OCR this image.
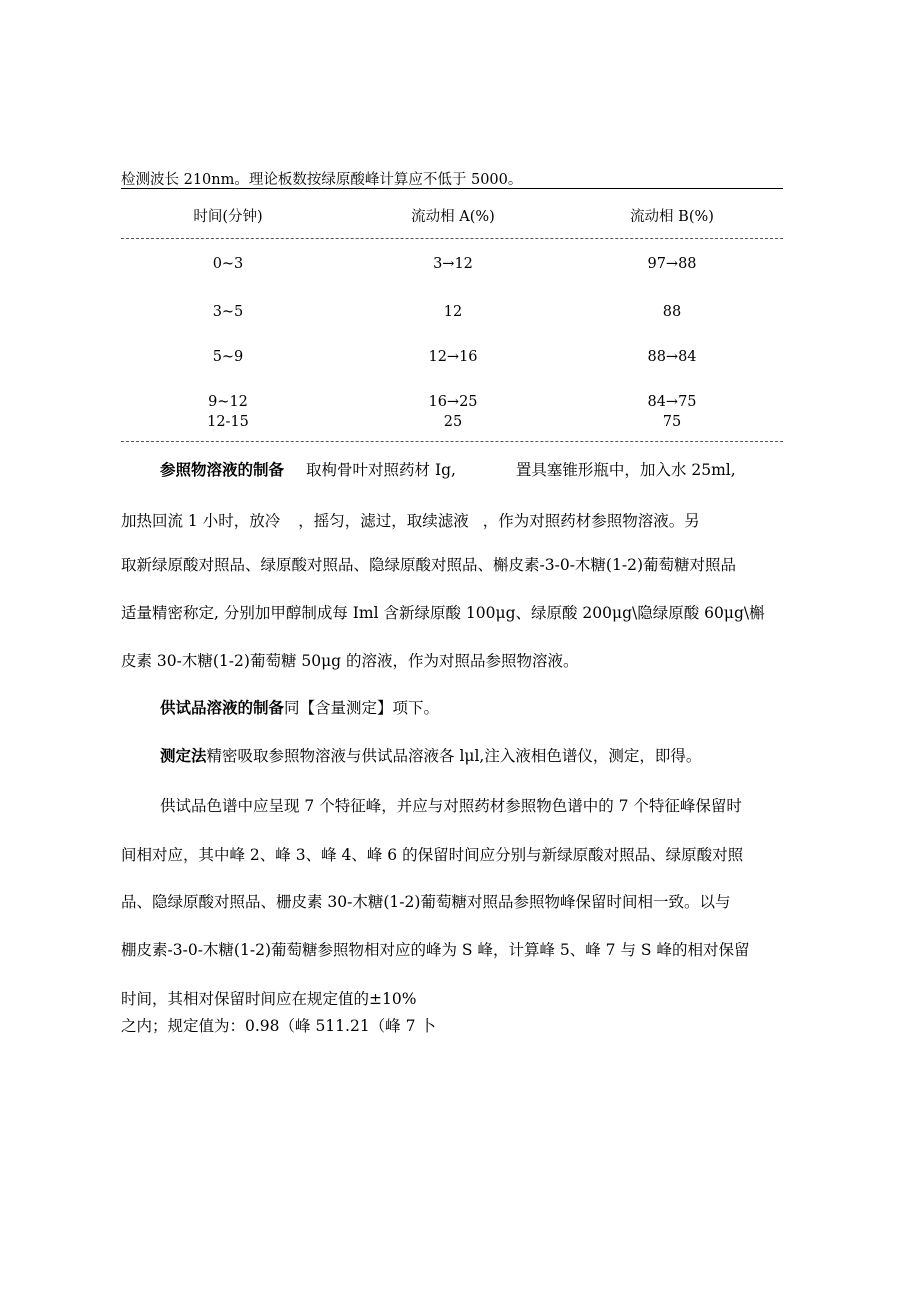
检测波长 210nm。理论板数按绿原酸峰计算应不低于 5000。
时间(分钟)	流动相 A(%)	流动相 B(%)
0~3	3→12	97→88
3~5	12	88
5~9	12→16	88→84
9~12	16→25	84→75
12-15	25	75
参照物溶液的制备 取枸骨叶对照药材 Ig,	置具塞锥形瓶中，加入水 25ml,
加热回流 1 小时，放冷 ，摇匀，滤过，取续滤液 ，作为对照药材参照物溶液。另
取新绿原酸对照品、绿原酸对照品、隐绿原酸对照品、槲皮素-3-0-木糖(1-2)葡萄糖对照品
适量精密称定, 分别加甲醇制成每 Iml 含新绿原酸 100μg、绿原酸 200μg\隐绿原酸 60μg\槲
皮素 30-木糖(1-2)葡萄糖 50μg 的溶液，作为对照品参照物溶液。
供试品溶液的制备同【含量测定】项下。
测定法精密吸取参照物溶液与供试品溶液各 lμl,注入液相色谱仪，测定，即得。
供试品色谱中应呈现 7 个特征峰，并应与对照药材参照物色谱中的 7 个特征峰保留时
间相对应，其中峰 2、峰 3、峰 4、峰 6 的保留时间应分别与新绿原酸对照品、绿原酸对照
品、隐绿原酸对照品、栅皮素 30-木糖(1-2)葡萄糖对照品参照物峰保留时间相一致。以与
棚皮素-3-0-木糖(1-2)葡萄糖参照物相对应的峰为 S 峰，计算峰 5、峰 7 与 S 峰的相对保留
时间，其相对保留时间应在规定值的±10%
之内；规定值为：0.98（峰 511.21（峰 7 卜
